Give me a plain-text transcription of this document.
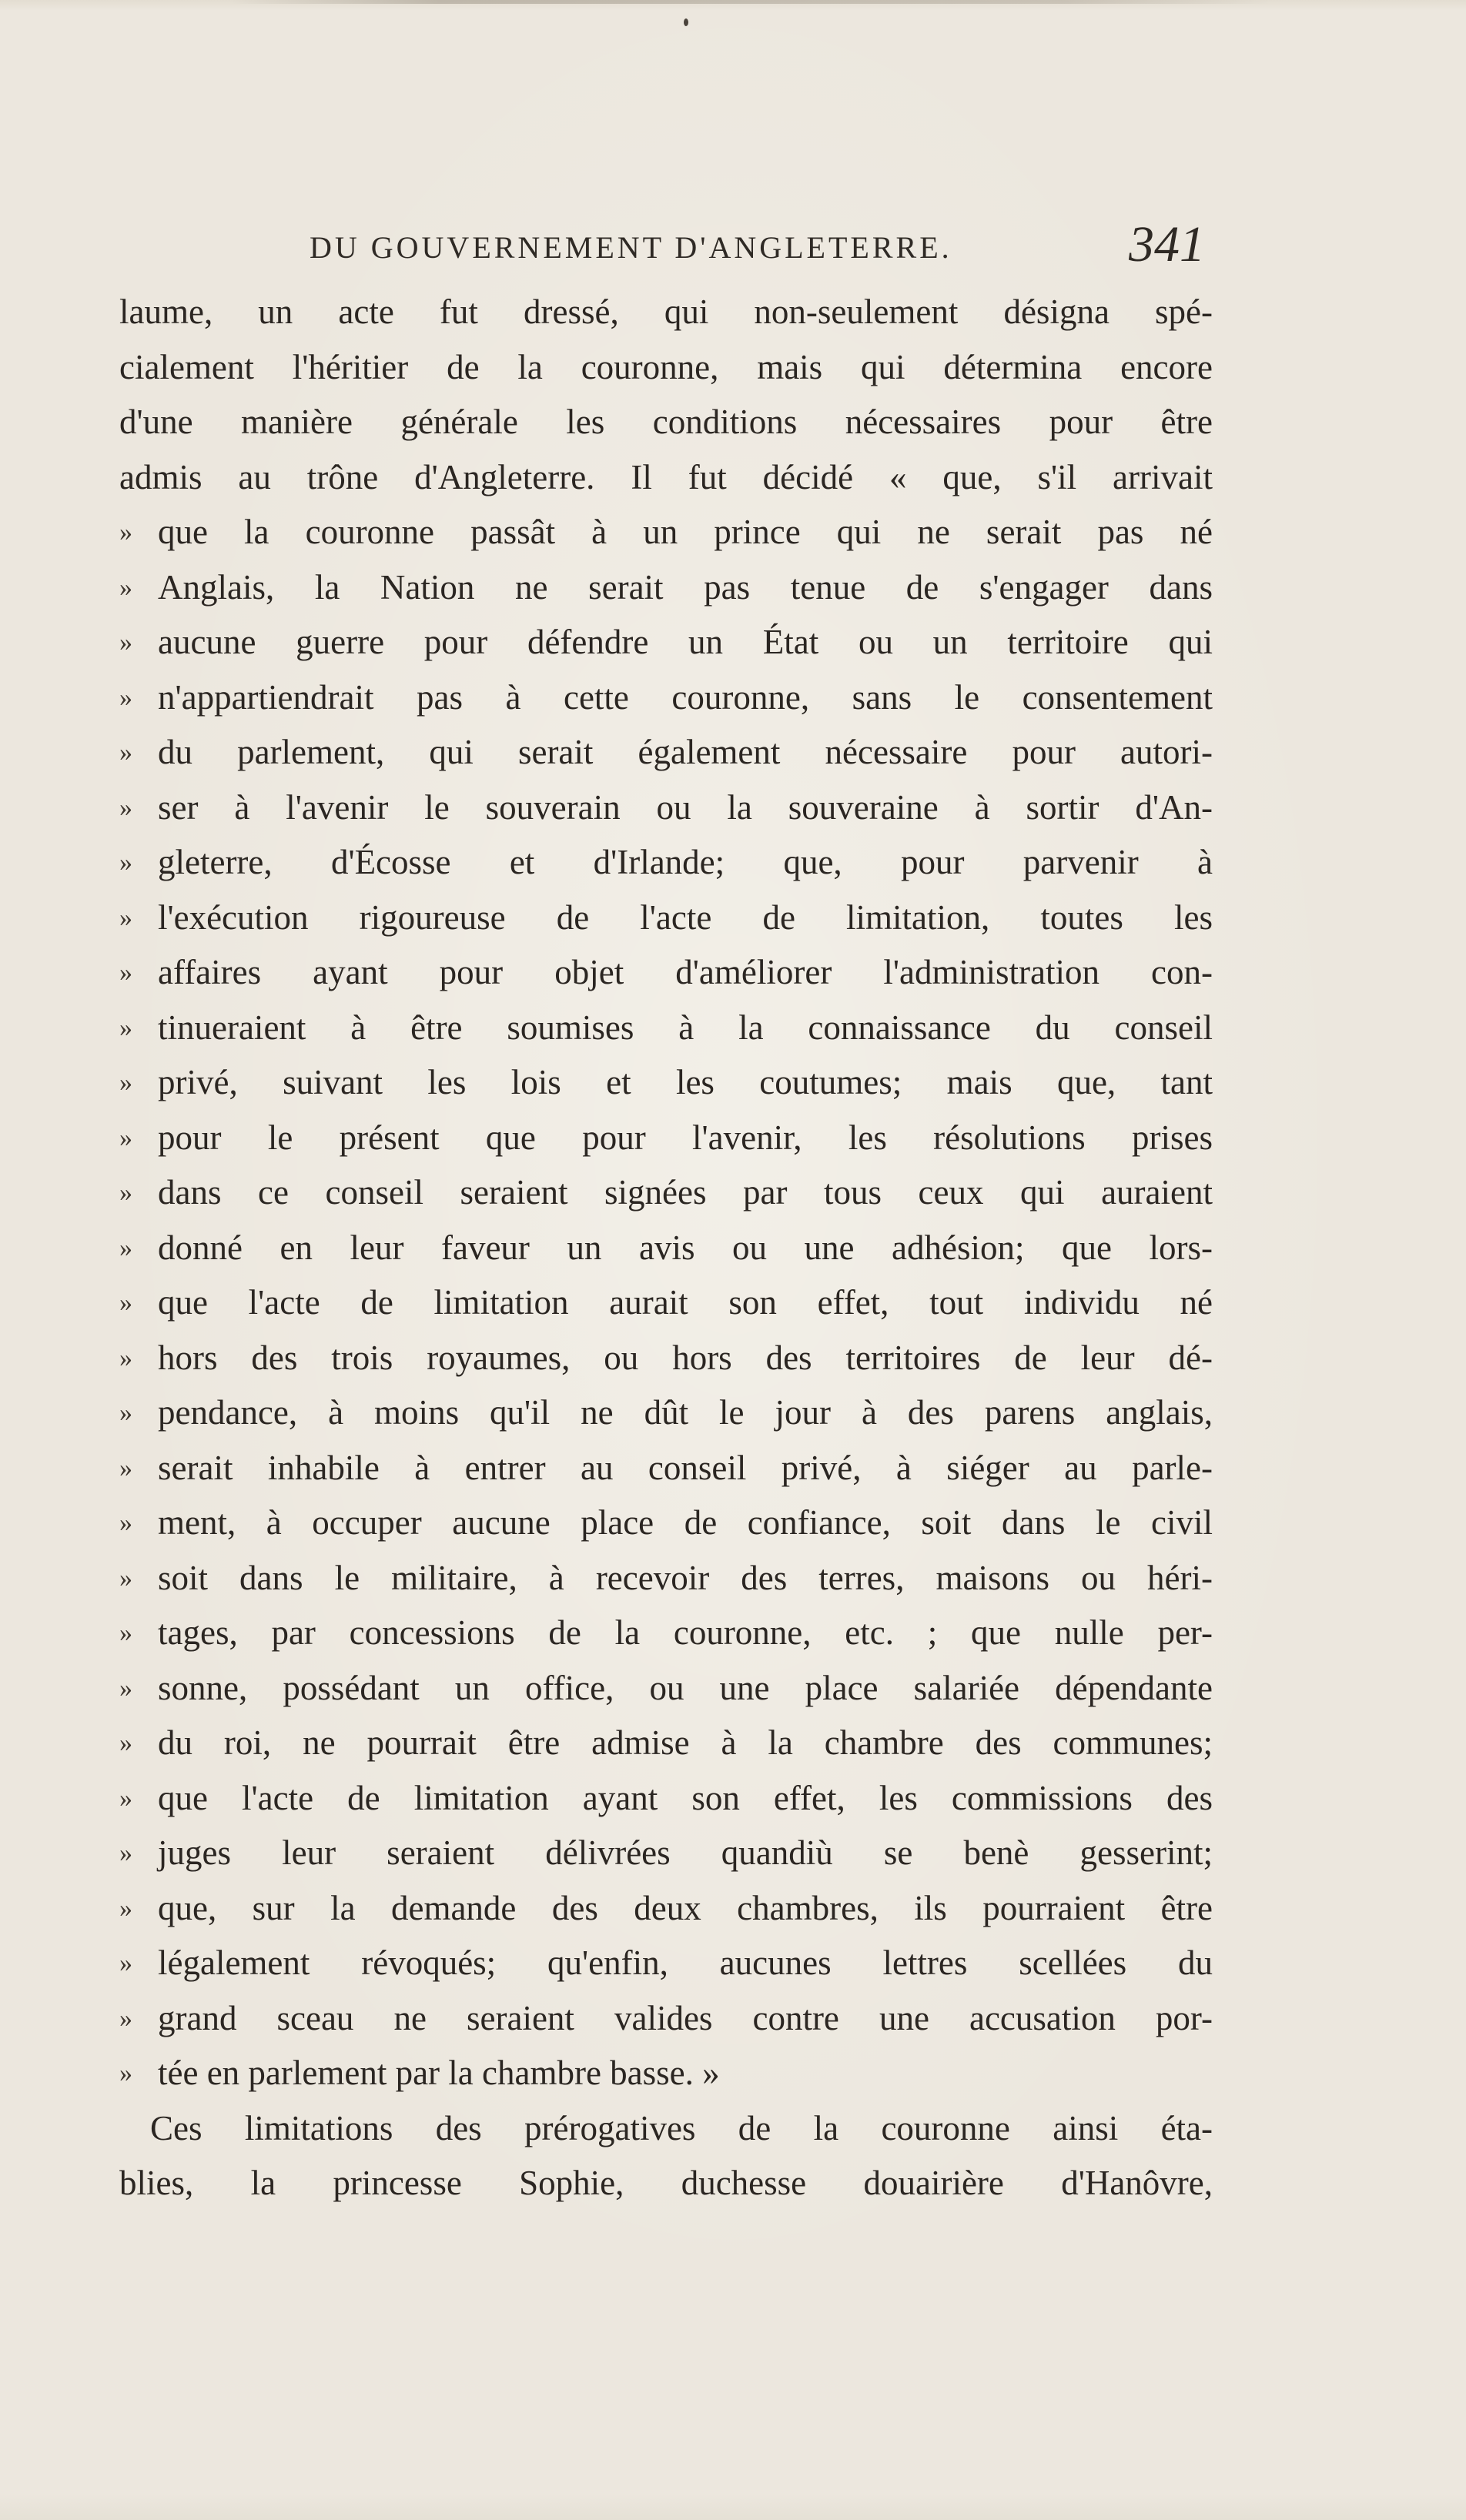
DU GOUVERNEMENT D'ANGLETERRE.	341
laume, un acte fut dressé, qui non-seulement désigna spé-
cialement l'héritier de la couronne, mais qui détermina encore
d'une manière générale les conditions nécessaires pour être
admis au trône d'Angleterre. Il fut décidé « que, s'il arrivait
» que la couronne passât à un prince qui ne serait pas né
» Anglais, la Nation ne serait pas tenue de s'engager dans
» aucune guerre pour défendre un État ou un territoire qui
» n'appartiendrait pas à cette couronne, sans le consentement
» du parlement, qui serait également nécessaire pour autori-
» ser à l'avenir le souverain ou la souveraine à sortir d'An-
» gleterre, d'Écosse et d'Irlande; que, pour parvenir à
» l'exécution rigoureuse de l'acte de limitation, toutes les
» affaires ayant pour objet d'améliorer l'administration con-
» tinueraient à être soumises à la connaissance du conseil
» privé, suivant les lois et les coutumes; mais que, tant
» pour le présent que pour l'avenir, les résolutions prises
» dans ce conseil seraient signées par tous ceux qui auraient
» donné en leur faveur un avis ou une adhésion; que lors-
» que l'acte de limitation aurait son effet, tout individu né
» hors des trois royaumes, ou hors des territoires de leur dé-
» pendance, à moins qu'il ne dût le jour à des parens anglais,
» serait inhabile à entrer au conseil privé, à siéger au parle-
» ment, à occuper aucune place de confiance, soit dans le civil
» soit dans le militaire, à recevoir des terres, maisons ou héri-
» tages, par concessions de la couronne, etc. ; que nulle per-
» sonne, possédant un office, ou une place salariée dépendante
» du roi, ne pourrait être admise à la chambre des communes;
» que l'acte de limitation ayant son effet, les commissions des
» juges leur seraient délivrées quandiù se benè gesserint;
» que, sur la demande des deux chambres, ils pourraient être
» légalement révoqués; qu'enfin, aucunes lettres scellées du
» grand sceau ne seraient valides contre une accusation por-
» tée en parlement par la chambre basse. »
Ces limitations des prérogatives de la couronne ainsi éta-
blies, la princesse Sophie, duchesse douairière d'Hanôvre,
